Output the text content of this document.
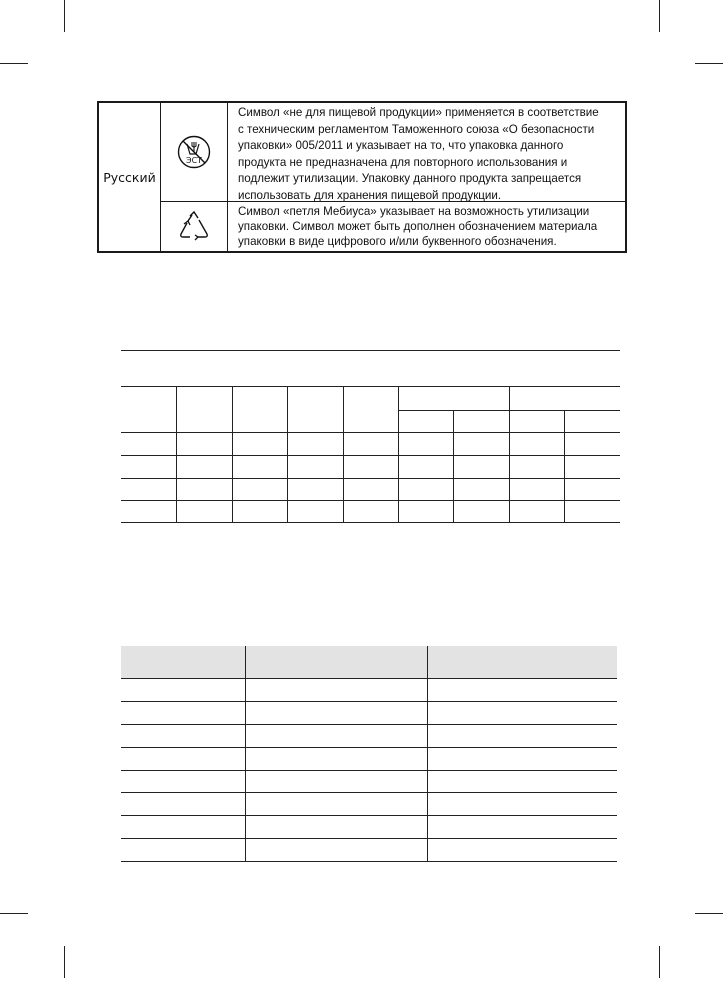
Русский
ЭСТ
Символ «не для пищевой продукции» применяется в соответствие
с техническим регламентом Таможенного союза «О безопасности
упаковки» 005/2011 и указывает на то, что упаковка данного
продукта не предназначена для повторного использования и
подлежит утилизации. Упаковку данного продукта запрещается
использовать для хранения пищевой продукции.
Символ «петля Мебиуса» указывает на возможность утилизации
упаковки. Символ может быть дополнен обозначением материала
упаковки в виде цифрового и/или буквенного обозначения.
